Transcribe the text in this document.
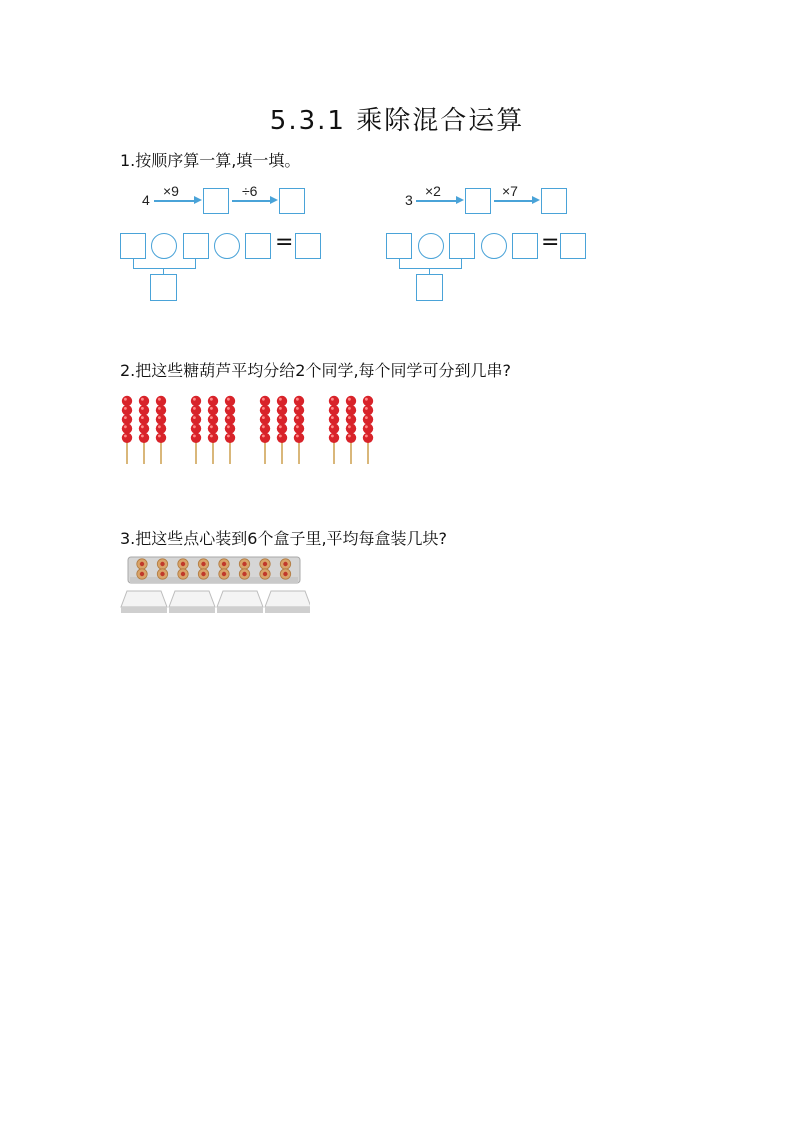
5.3.1 乘除混合运算
1.按顺序算一算,填一填。
4
×9	÷6
=
3
×2	×7
=
2.把这些糖葫芦平均分给2个同学,每个同学可分到几串?
3.把这些点心装到6个盒子里,平均每盒装几块?
